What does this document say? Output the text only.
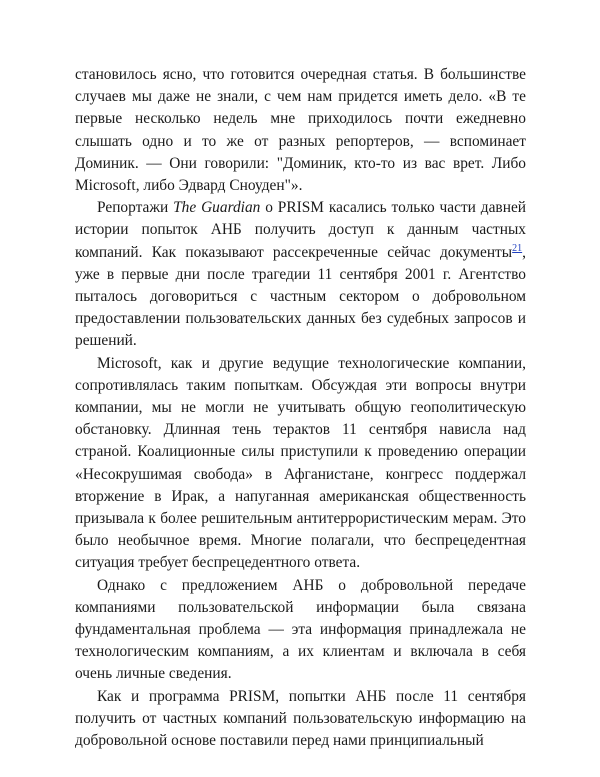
становилось ясно, что готовится очередная статья. В большинстве случаев мы даже не знали, с чем нам придется иметь дело. «В те первые несколько недель мне приходилось почти ежедневно слышать одно и то же от разных репортеров, — вспоминает Доминик. — Они говорили: "Доминик, кто-то из вас врет. Либо Microsoft, либо Эдвард Сноуден"».

Репортажи The Guardian о PRISM касались только части давней истории попыток АНБ получить доступ к данным частных компаний. Как показывают рассекреченные сейчас документы$^{21}$, уже в первые дни после трагедии 11 сентября 2001 г. Агентство пыталось договориться с частным сектором о добровольном предоставлении пользовательских данных без судебных запросов и решений.

Microsoft, как и другие ведущие технологические компании, сопротивлялась таким попыткам. Обсуждая эти вопросы внутри компании, мы не могли не учитывать общую геополитическую обстановку. Длинная тень терактов 11 сентября нависла над страной. Коалиционные силы приступили к проведению операции «Несокрушимая свобода» в Афганистане, конгресс поддержал вторжение в Ирак, а напуганная американская общественность призывала к более решительным антитеррористическим мерам. Это было необычное время. Многие полагали, что беспрецедентная ситуация требует беспрецедентного ответа.

Однако с предложением АНБ о добровольной передаче компаниями пользовательской информации была связана фундаментальная проблема — эта информация принадлежала не технологическим компаниям, а их клиентам и включала в себя очень личные сведения.

Как и программа PRISM, попытки АНБ после 11 сентября получить от частных компаний пользовательскую информацию на добровольной основе поставили перед нами принципиальный
